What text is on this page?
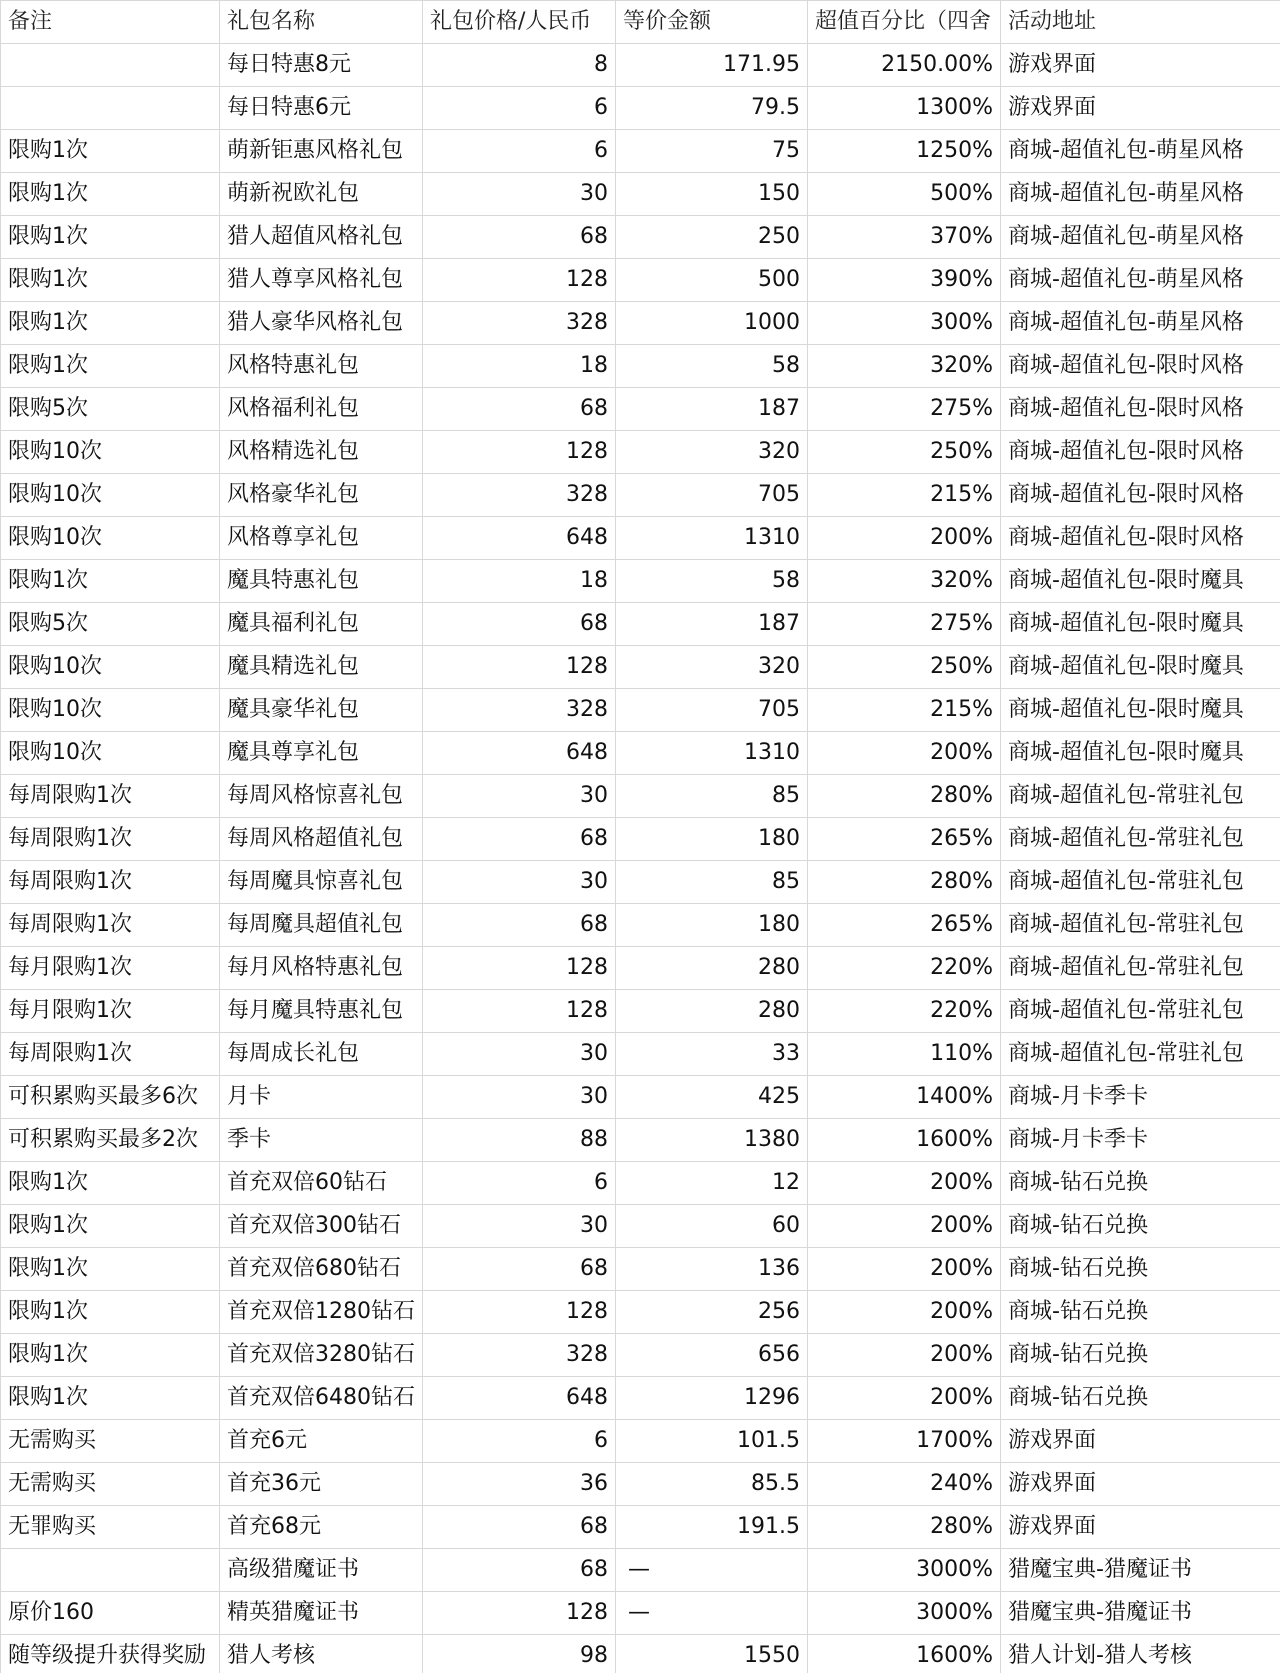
备注	礼包名称	礼包价格/人民币	等价金额	超值百分比（四舍	活动地址
	每日特惠8元	8	171.95	2150.00%	游戏界面
	每日特惠6元	6	79.5	1300%	游戏界面
限购1次	萌新钜惠风格礼包	6	75	1250%	商城-超值礼包-萌星风格
限购1次	萌新祝欧礼包	30	150	500%	商城-超值礼包-萌星风格
限购1次	猎人超值风格礼包	68	250	370%	商城-超值礼包-萌星风格
限购1次	猎人尊享风格礼包	128	500	390%	商城-超值礼包-萌星风格
限购1次	猎人豪华风格礼包	328	1000	300%	商城-超值礼包-萌星风格
限购1次	风格特惠礼包	18	58	320%	商城-超值礼包-限时风格
限购5次	风格福利礼包	68	187	275%	商城-超值礼包-限时风格
限购10次	风格精选礼包	128	320	250%	商城-超值礼包-限时风格
限购10次	风格豪华礼包	328	705	215%	商城-超值礼包-限时风格
限购10次	风格尊享礼包	648	1310	200%	商城-超值礼包-限时风格
限购1次	魔具特惠礼包	18	58	320%	商城-超值礼包-限时魔具
限购5次	魔具福利礼包	68	187	275%	商城-超值礼包-限时魔具
限购10次	魔具精选礼包	128	320	250%	商城-超值礼包-限时魔具
限购10次	魔具豪华礼包	328	705	215%	商城-超值礼包-限时魔具
限购10次	魔具尊享礼包	648	1310	200%	商城-超值礼包-限时魔具
每周限购1次	每周风格惊喜礼包	30	85	280%	商城-超值礼包-常驻礼包
每周限购1次	每周风格超值礼包	68	180	265%	商城-超值礼包-常驻礼包
每周限购1次	每周魔具惊喜礼包	30	85	280%	商城-超值礼包-常驻礼包
每周限购1次	每周魔具超值礼包	68	180	265%	商城-超值礼包-常驻礼包
每月限购1次	每月风格特惠礼包	128	280	220%	商城-超值礼包-常驻礼包
每月限购1次	每月魔具特惠礼包	128	280	220%	商城-超值礼包-常驻礼包
每周限购1次	每周成长礼包	30	33	110%	商城-超值礼包-常驻礼包
可积累购买最多6次	月卡	30	425	1400%	商城-月卡季卡
可积累购买最多2次	季卡	88	1380	1600%	商城-月卡季卡
限购1次	首充双倍60钻石	6	12	200%	商城-钻石兑换
限购1次	首充双倍300钻石	30	60	200%	商城-钻石兑换
限购1次	首充双倍680钻石	68	136	200%	商城-钻石兑换
限购1次	首充双倍1280钻石	128	256	200%	商城-钻石兑换
限购1次	首充双倍3280钻石	328	656	200%	商城-钻石兑换
限购1次	首充双倍6480钻石	648	1296	200%	商城-钻石兑换
无需购买	首充6元	6	101.5	1700%	游戏界面
无需购买	首充36元	36	85.5	240%	游戏界面
无罪购买	首充68元	68	191.5	280%	游戏界面
	高级猎魔证书	68	—	3000%	猎魔宝典-猎魔证书
原价160	精英猎魔证书	128	—	3000%	猎魔宝典-猎魔证书
随等级提升获得奖励	猎人考核	98	1550	1600%	猎人计划-猎人考核
